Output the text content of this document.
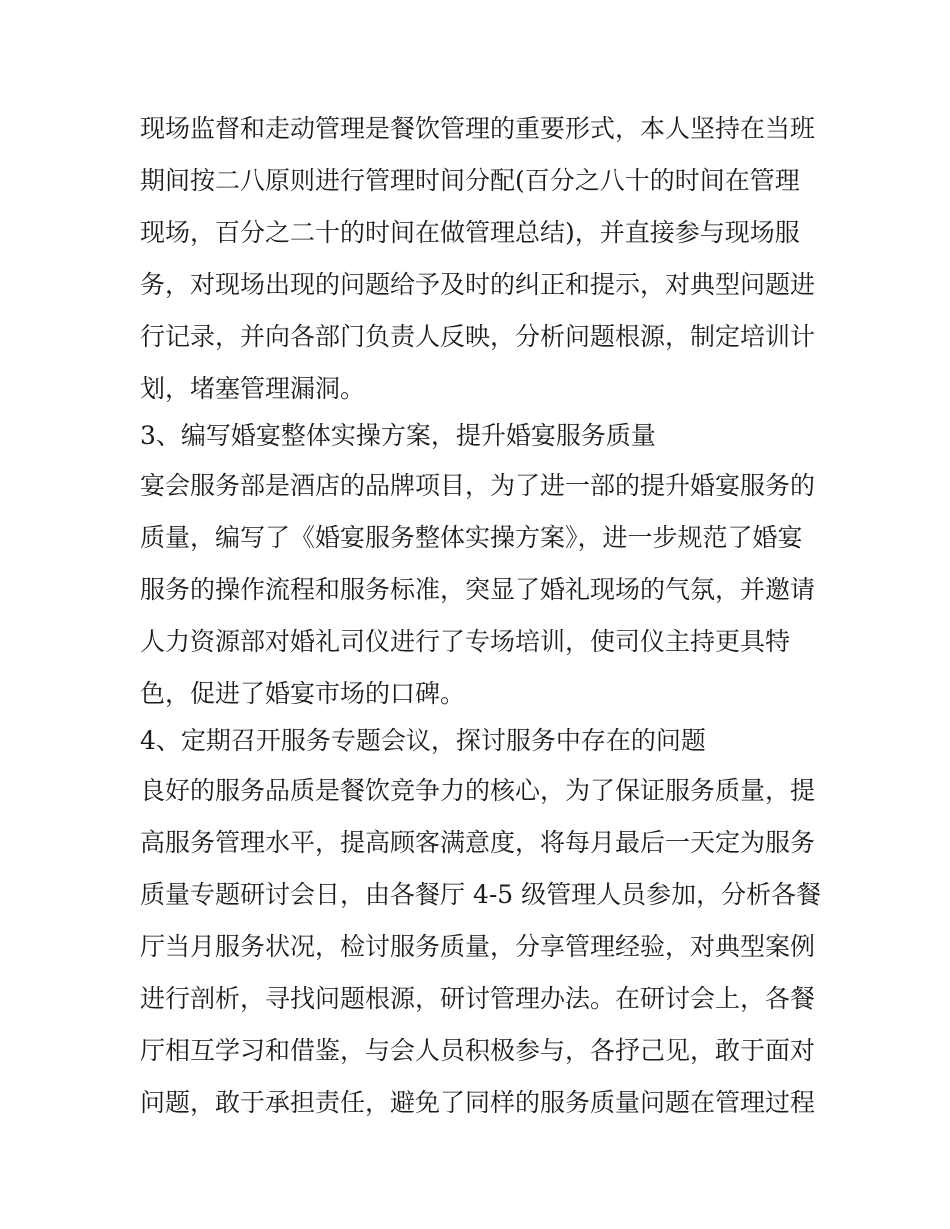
现场监督和走动管理是餐饮管理的重要形式，本人坚持在当班
期间按二八原则进行管理时间分配(百分之八十的时间在管理
现场，百分之二十的时间在做管理总结)，并直接参与现场服
务，对现场出现的问题给予及时的纠正和提示，对典型问题进
行记录，并向各部门负责人反映，分析问题根源，制定培训计
划，堵塞管理漏洞。
3、编写婚宴整体实操方案，提升婚宴服务质量
宴会服务部是酒店的品牌项目，为了进一部的提升婚宴服务的
质量，编写了《婚宴服务整体实操方案》，进一步规范了婚宴
服务的操作流程和服务标准，突显了婚礼现场的气氛，并邀请
人力资源部对婚礼司仪进行了专场培训，使司仪主持更具特
色，促进了婚宴市场的口碑。
4、定期召开服务专题会议，探讨服务中存在的问题
良好的服务品质是餐饮竞争力的核心，为了保证服务质量，提
高服务管理水平，提高顾客满意度，将每月最后一天定为服务
质量专题研讨会日，由各餐厅 4-5 级管理人员参加，分析各餐
厅当月服务状况，检讨服务质量，分享管理经验，对典型案例
进行剖析，寻找问题根源，研讨管理办法。在研讨会上，各餐
厅相互学习和借鉴，与会人员积极参与，各抒己见，敢于面对
问题，敢于承担责任，避免了同样的服务质量问题在管理过程
